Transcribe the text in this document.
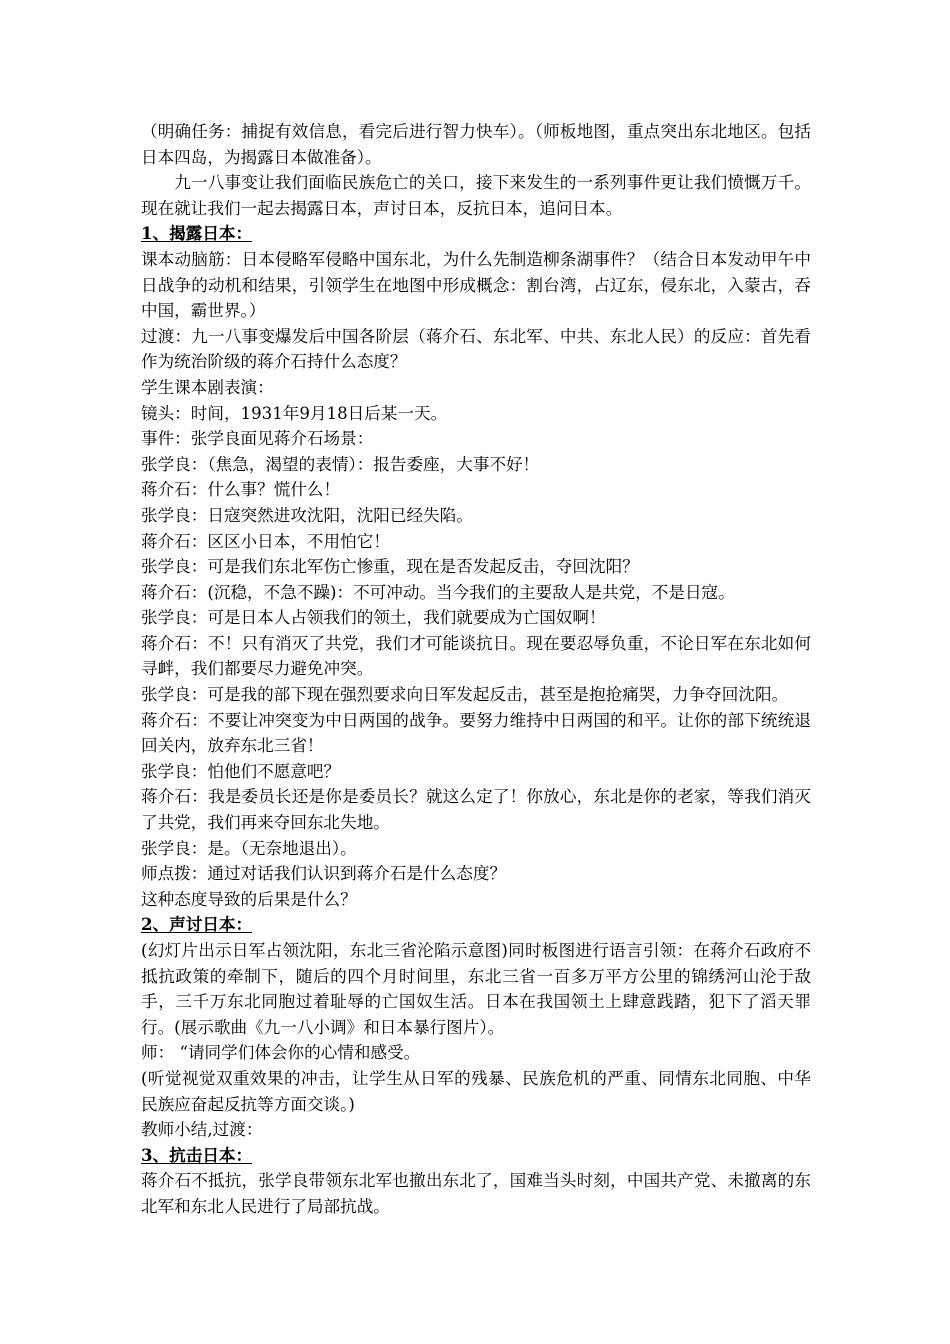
（明确任务：捕捉有效信息，看完后进行智力快车）。（师板地图，重点突出东北地区。包括日本四岛，为揭露日本做准备）。

九一八事变让我们面临民族危亡的关口，接下来发生的一系列事件更让我们愤慨万千。现在就让我们一起去揭露日本，声讨日本，反抗日本，追问日本。

1、揭露日本：

课本动脑筋：日本侵略军侵略中国东北，为什么先制造柳条湖事件？（结合日本发动甲午中日战争的动机和结果，引领学生在地图中形成概念：割台湾，占辽东，侵东北，入蒙古，吞中国，霸世界。）

过渡：九一八事变爆发后中国各阶层（蒋介石、东北军、中共、东北人民）的反应：首先看作为统治阶级的蒋介石持什么态度？

学生课本剧表演：

镜头：时间，1931年9月18日后某一天。

事件：张学良面见蒋介石场景：

张学良：（焦急，渴望的表情）：报告委座，大事不好！

蒋介石：什么事？慌什么！

张学良：日寇突然进攻沈阳，沈阳已经失陷。

蒋介石：区区小日本，不用怕它！

张学良：可是我们东北军伤亡惨重，现在是否发起反击，夺回沈阳？

蒋介石：(沉稳，不急不躁)：不可冲动。当今我们的主要敌人是共党，不是日寇。

张学良：可是日本人占领我们的领土，我们就要成为亡国奴啊！

蒋介石：不！只有消灭了共党，我们才可能谈抗日。现在要忍辱负重，不论日军在东北如何寻衅，我们都要尽力避免冲突。

张学良：可是我的部下现在强烈要求向日军发起反击，甚至是抱抢痛哭，力争夺回沈阳。

蒋介石：不要让冲突变为中日两国的战争。要努力维持中日两国的和平。让你的部下统统退回关内，放弃东北三省！

张学良：怕他们不愿意吧？

蒋介石：我是委员长还是你是委员长？就这么定了！你放心，东北是你的老家，等我们消灭了共党，我们再来夺回东北失地。

张学良：是。（无奈地退出）。

师点拨：通过对话我们认识到蒋介石是什么态度？

这种态度导致的后果是什么？

2、声讨日本：

(幻灯片出示日军占领沈阳，东北三省沦陷示意图)同时板图进行语言引领：在蒋介石政府不抵抗政策的牵制下，随后的四个月时间里，东北三省一百多万平方公里的锦绣河山沦于敌手，三千万东北同胞过着耻辱的亡国奴生活。日本在我国领土上肆意践踏，犯下了滔天罪行。(展示歌曲《九一八小调》和日本暴行图片）。

师： “请同学们体会你的心情和感受。

(听觉视觉双重效果的冲击，让学生从日军的残暴、民族危机的严重、同情东北同胞、中华民族应奋起反抗等方面交谈。)

教师小结,过渡：

3、抗击日本：

蒋介石不抵抗，张学良带领东北军也撤出东北了，国难当头时刻，中国共产党、未撤离的东北军和东北人民进行了局部抗战。
